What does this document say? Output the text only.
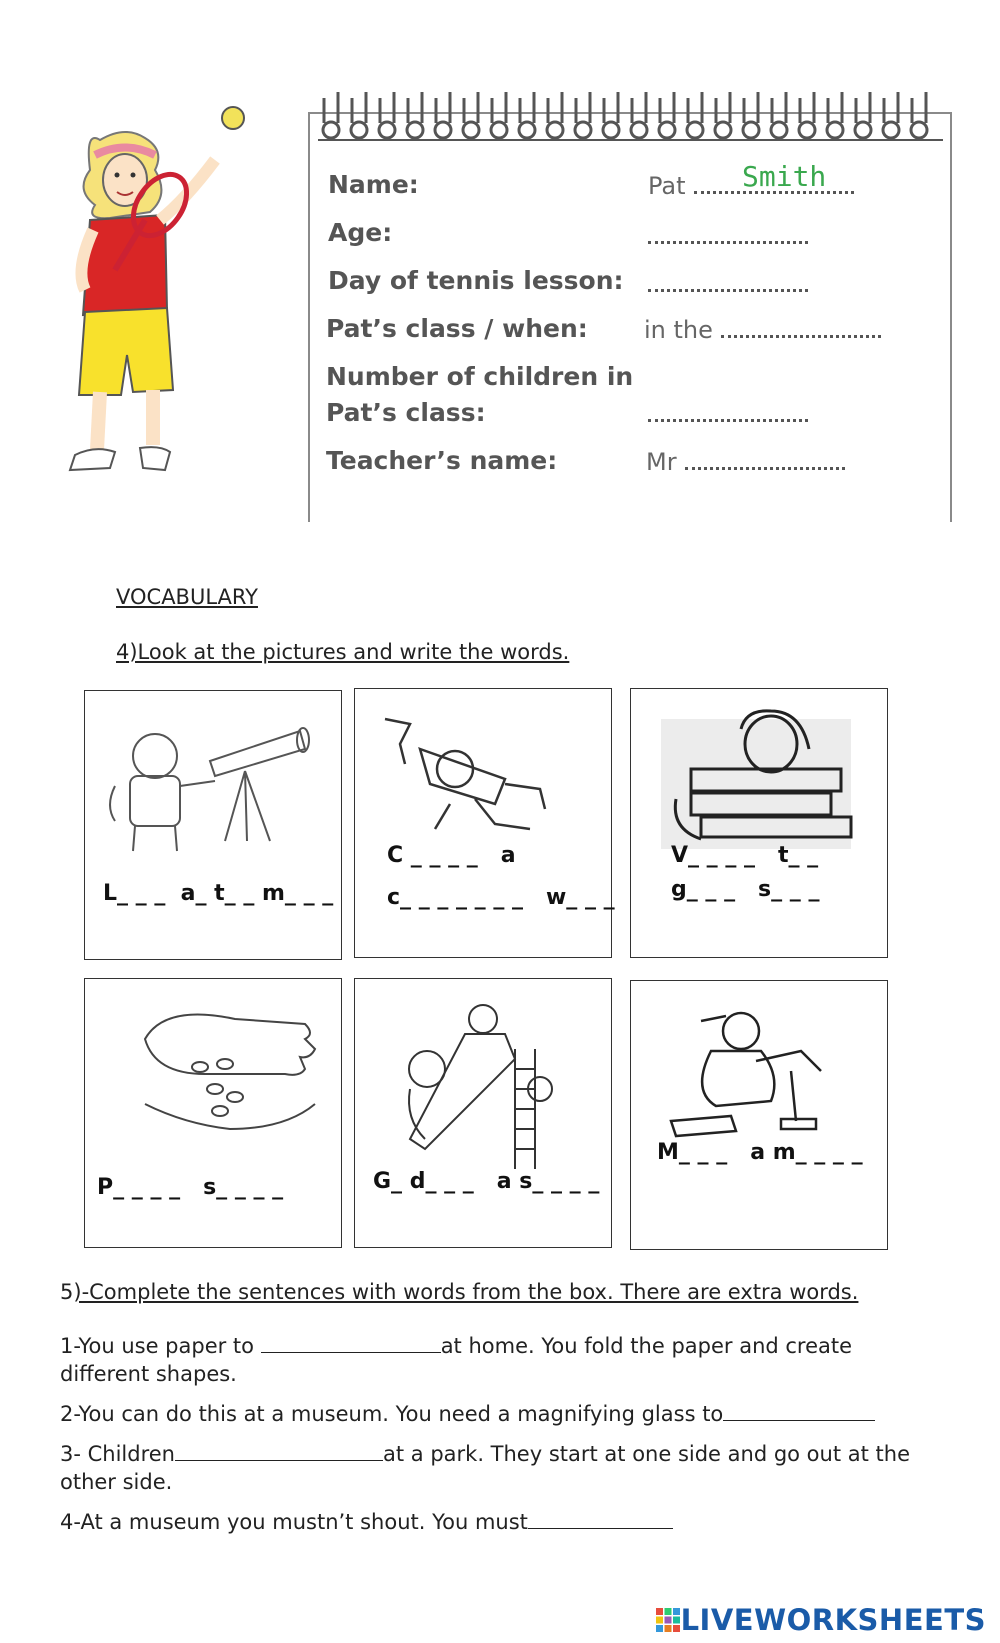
Name:	Pat	Smith
Age:
Day of tennis lesson:
Pat’s class / when: in the
Number of children in
Pat’s class:
Teacher’s name:	Mr
VOCABULARY
4)Look at the pictures and write the words.
L_ _ _  a_ t_ _ m_ _ _
C _ _ _ _   a
c_ _ _ _ _ _ _   w_ _ _
V_ _ _ _   t_ _
g_ _ _   s_ _ _
P_ _ _ _   s_ _ _ _	G_ d_ _ _   a s_ _ _ _
M_ _ _   a m_ _ _ _
5)-Complete the sentences with words from the box. There are extra words.
1-You use paper to	at home. You fold the paper and create different shapes.
2-You can do this at a museum. You need a magnifying glass to
3- Children	at a park. They start at one side and go out at the other side.
4-At a museum you mustn’t shout. You must
LIVEWORKSHEETS
